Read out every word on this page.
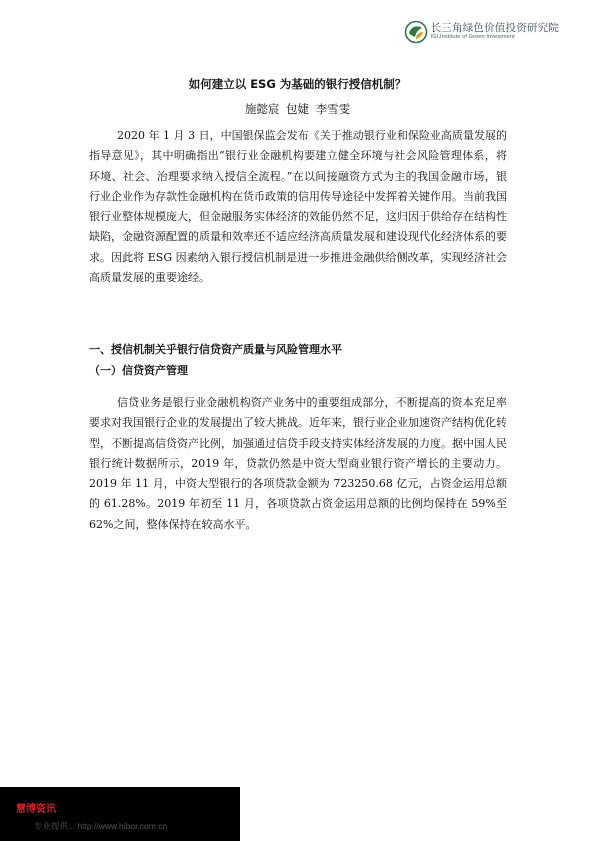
长三角绿色价值投资研究院
IGI,Institute of Green Investment
如何建立以 ESG 为基础的银行授信机制？
施懿宸 包婕 李雪雯

2020 年 1 月 3 日，中国银保监会发布《关于推动银行业和保险业高质量发展的指导意见》，其中明确指出“银行业金融机构要建立健全环境与社会风险管理体系，将环境、社会、治理要求纳入授信全流程。”在以间接融资方式为主的我国金融市场，银行业企业作为存款性金融机构在货币政策的信用传导途径中发挥着关键作用。当前我国银行业整体规模庞大，但金融服务实体经济的效能仍然不足，这归因于供给存在结构性缺陷，金融资源配置的质量和效率还不适应经济高质量发展和建设现代化经济体系的要求。因此将 ESG 因素纳入银行授信机制是进一步推进金融供给侧改革，实现经济社会高质量发展的重要途经。

一、授信机制关乎银行信贷资产质量与风险管理水平
（一）信贷资产管理

信贷业务是银行业金融机构资产业务中的重要组成部分，不断提高的资本充足率要求对我国银行企业的发展提出了较大挑战。近年来，银行业企业加速资产结构优化转型，不断提高信贷资产比例，加强通过信贷手段支持实体经济发展的力度。据中国人民银行统计数据所示，2019 年，贷款仍然是中资大型商业银行资产增长的主要动力。2019 年 11 月，中资大型银行的各项贷款金额为 723250.68 亿元，占资金运用总额的 61.28%。2019 年初至 11 月，各项贷款占资金运用总额的比例均保持在 59%至 62%之间，整体保持在较高水平。

慧博资讯
专业提供... http://www.hibor.com.cn
